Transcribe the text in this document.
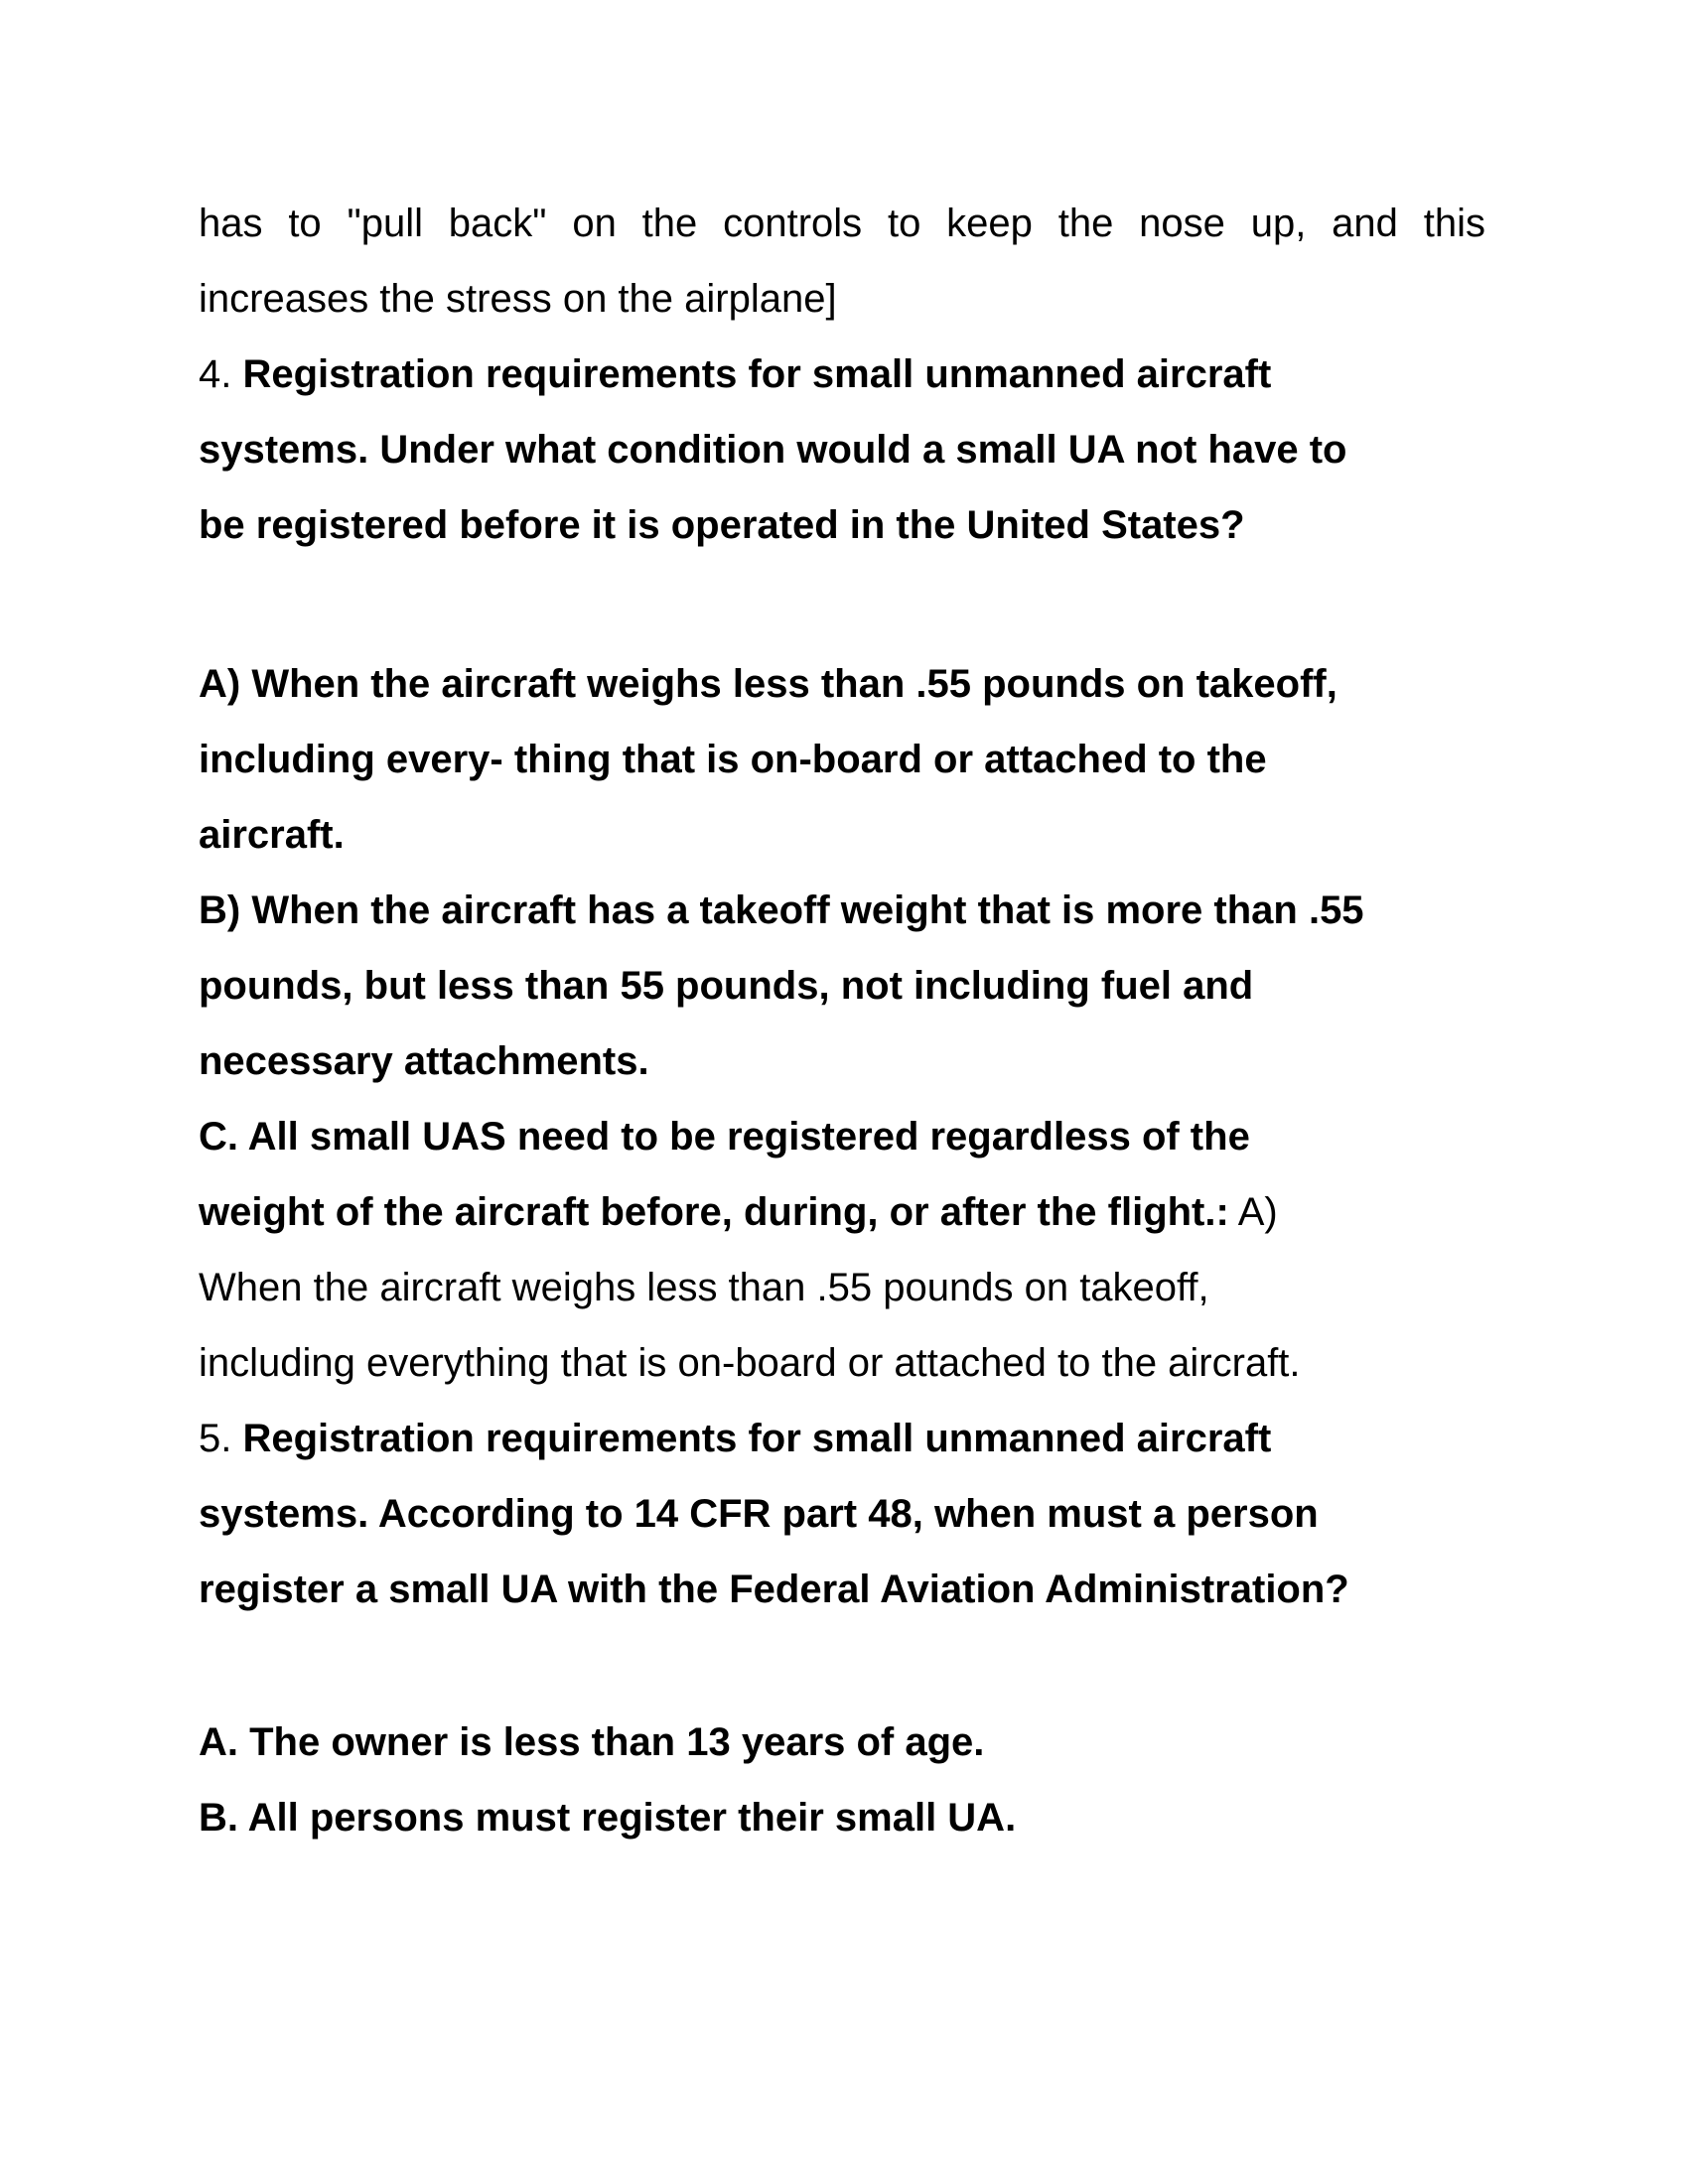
has to "pull back" on the controls to keep the nose up, and this
increases the stress on the airplane]
4. Registration requirements for small unmanned aircraft
systems. Under what condition would a small UA not have to
be registered before it is operated in the United States?
A) When the aircraft weighs less than .55 pounds on takeoff,
including every- thing that is on-board or attached to the
aircraft.
B) When the aircraft has a takeoff weight that is more than .55
pounds, but less than 55 pounds, not including fuel and
necessary attachments.
C. All small UAS need to be registered regardless of the
weight of the aircraft before, during, or after the flight.: A)
When the aircraft weighs less than .55 pounds on takeoff,
including everything that is on-board or attached to the aircraft.
5. Registration requirements for small unmanned aircraft
systems. According to 14 CFR part 48, when must a person
register a small UA with the Federal Aviation Administration?
A. The owner is less than 13 years of age.
B. All persons must register their small UA.
